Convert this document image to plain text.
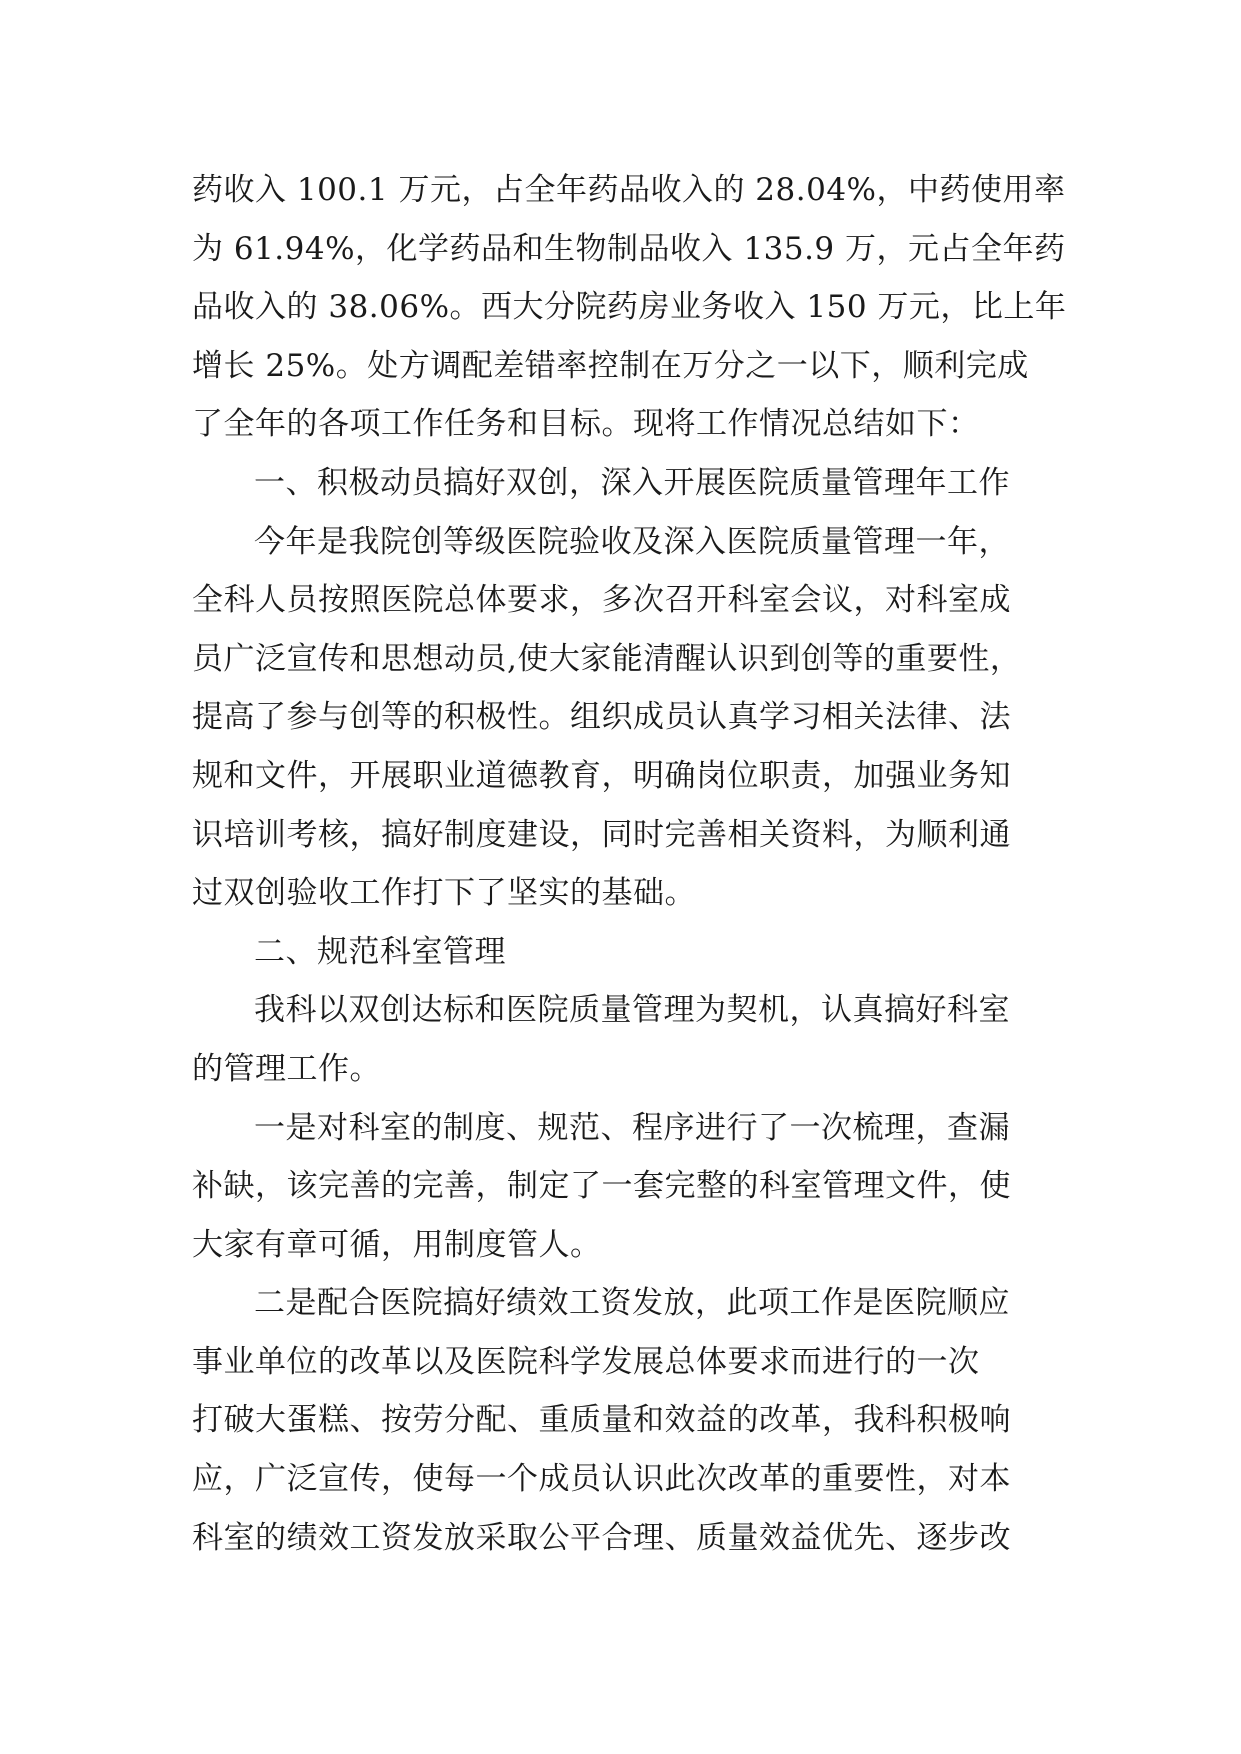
药收入 100.1 万元，占全年药品收入的 28.04%，中药使用率
为 61.94%，化学药品和生物制品收入 135.9 万，元占全年药
品收入的 38.06%。西大分院药房业务收入 150 万元，比上年
增长 25%。处方调配差错率控制在万分之一以下，顺利完成
了全年的各项工作任务和目标。现将工作情况总结如下：

一、积极动员搞好双创，深入开展医院质量管理年工作

今年是我院创等级医院验收及深入医院质量管理一年，
全科人员按照医院总体要求，多次召开科室会议，对科室成
员广泛宣传和思想动员,使大家能清醒认识到创等的重要性，
提高了参与创等的积极性。组织成员认真学习相关法律、法
规和文件，开展职业道德教育，明确岗位职责，加强业务知
识培训考核，搞好制度建设，同时完善相关资料，为顺利通
过双创验收工作打下了坚实的基础。

二、规范科室管理

我科以双创达标和医院质量管理为契机，认真搞好科室
的管理工作。

一是对科室的制度、规范、程序进行了一次梳理，查漏
补缺，该完善的完善，制定了一套完整的科室管理文件，使
大家有章可循，用制度管人。

二是配合医院搞好绩效工资发放，此项工作是医院顺应
事业单位的改革以及医院科学发展总体要求而进行的一次
打破大蛋糕、按劳分配、重质量和效益的改革，我科积极响
应，广泛宣传，使每一个成员认识此次改革的重要性，对本
科室的绩效工资发放采取公平合理、质量效益优先、逐步改
